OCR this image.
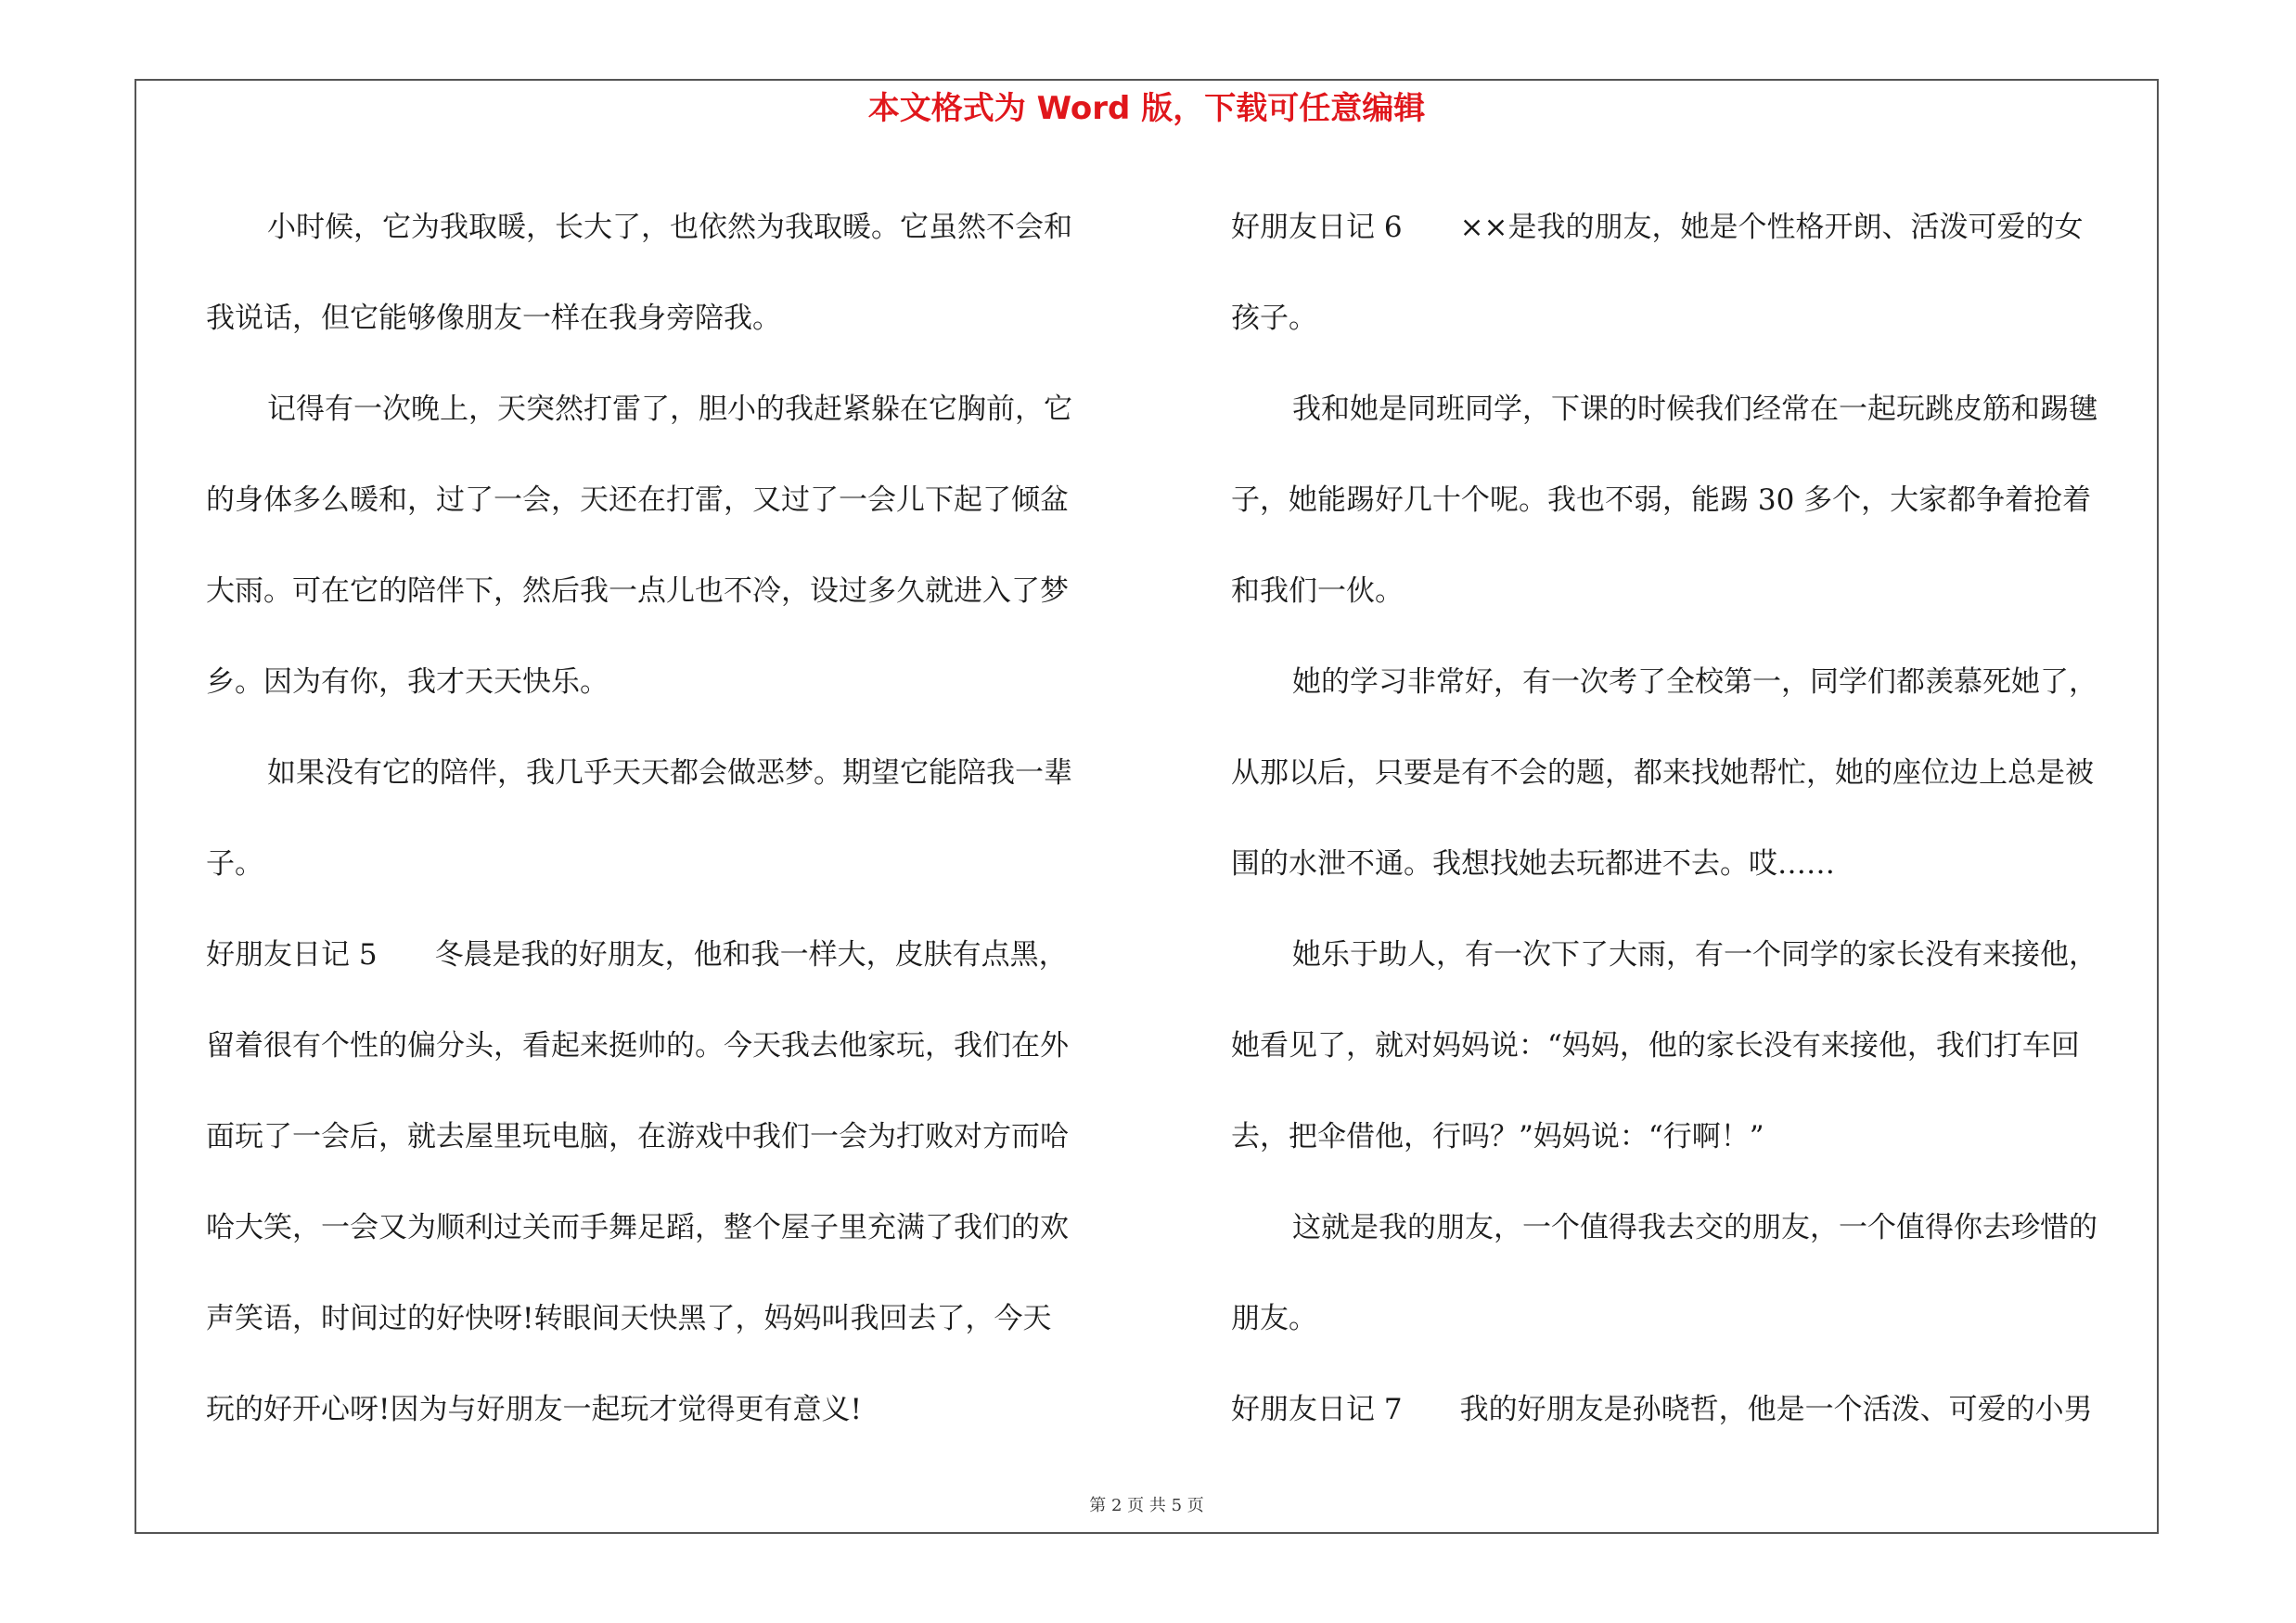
本文格式为 Word 版，下载可任意编辑
小时候，它为我取暖，长大了，也依然为我取暖。它虽然不会和
我说话，但它能够像朋友一样在我身旁陪我。
记得有一次晚上，天突然打雷了，胆小的我赶紧躲在它胸前，它
的身体多么暖和，过了一会，天还在打雷，又过了一会儿下起了倾盆
大雨。可在它的陪伴下，然后我一点儿也不冷，设过多久就进入了梦
乡。因为有你，我才天天快乐。
如果没有它的陪伴，我几乎天天都会做恶梦。期望它能陪我一辈
子。
好朋友日记 5　　冬晨是我的好朋友，他和我一样大，皮肤有点黑，
留着很有个性的偏分头，看起来挺帅的。今天我去他家玩，我们在外
面玩了一会后，就去屋里玩电脑，在游戏中我们一会为打败对方而哈
哈大笑，一会又为顺利过关而手舞足蹈，整个屋子里充满了我们的欢
声笑语，时间过的好快呀!转眼间天快黑了，妈妈叫我回去了，今天
玩的好开心呀!因为与好朋友一起玩才觉得更有意义!
好朋友日记 6　　××是我的朋友，她是个性格开朗、活泼可爱的女
孩子。
我和她是同班同学，下课的时候我们经常在一起玩跳皮筋和踢毽
子，她能踢好几十个呢。我也不弱，能踢 30 多个，大家都争着抢着
和我们一伙。
她的学习非常好，有一次考了全校第一，同学们都羡慕死她了，
从那以后，只要是有不会的题，都来找她帮忙，她的座位边上总是被
围的水泄不通。我想找她去玩都进不去。哎……
她乐于助人，有一次下了大雨，有一个同学的家长没有来接他，
她看见了，就对妈妈说：“妈妈，他的家长没有来接他，我们打车回
去，把伞借他，行吗？”妈妈说：“行啊！”
这就是我的朋友，一个值得我去交的朋友，一个值得你去珍惜的
朋友。
好朋友日记 7　　我的好朋友是孙晓哲，他是一个活泼、可爱的小男
第 2 页 共 5 页
